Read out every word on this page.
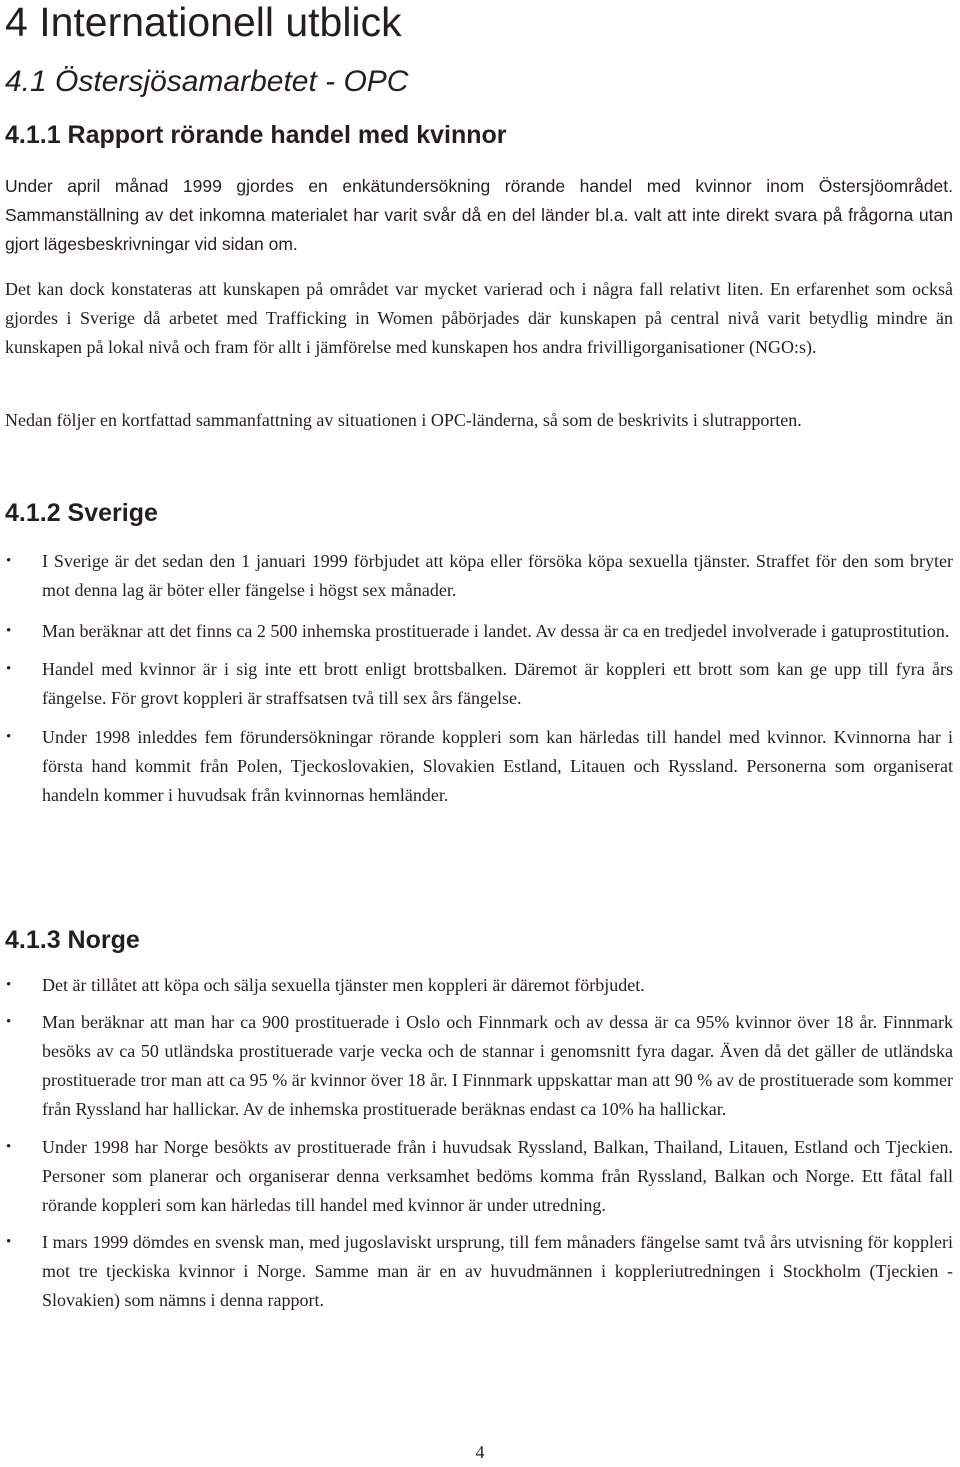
4 Internationell utblick
4.1 Östersjösamarbetet - OPC
4.1.1 Rapport rörande handel med kvinnor

Under april månad 1999 gjordes en enkätundersökning rörande handel med kvinnor inom Östersjöområdet. Sammanställning av det inkomna materialet har varit svår då en del länder bl.a. valt att inte direkt svara på frågorna utan gjort lägesbeskrivningar vid sidan om.

Det kan dock konstateras att kunskapen på området var mycket varierad och i några fall relativt liten. En erfarenhet som också gjordes i Sverige då arbetet med Trafficking in Women påbörjades där kunskapen på central nivå varit betydlig mindre än kunskapen på lokal nivå och fram för allt i jämförelse med kunskapen hos andra frivilligorganisationer (NGO:s).

Nedan följer en kortfattad sammanfattning av situationen i OPC-länderna, så som de beskrivits i slutrapporten.

4.1.2 Sverige
• I Sverige är det sedan den 1 januari 1999 förbjudet att köpa eller försöka köpa sexuella tjänster. Straffet för den som bryter mot denna lag är böter eller fängelse i högst sex månader.
• Man beräknar att det finns ca 2 500 inhemska prostituerade i landet. Av dessa är ca en tredjedel involverade i gatuprostitution.
• Handel med kvinnor är i sig inte ett brott enligt brottsbalken. Däremot är koppleri ett brott som kan ge upp till fyra års fängelse. För grovt koppleri är straffsatsen två till sex års fängelse.
• Under 1998 inleddes fem förundersökningar rörande koppleri som kan härledas till handel med kvinnor. Kvinnorna har i första hand kommit från Polen, Tjeckoslovakien, Slovakien Estland, Litauen och Ryssland. Personerna som organiserat handeln kommer i huvudsak från kvinnornas hemländer.
4.1.3 Norge
• Det är tillåtet att köpa och sälja sexuella tjänster men koppleri är däremot förbjudet.
• Man beräknar att man har ca 900 prostituerade i Oslo och Finnmark och av dessa är ca 95% kvinnor över 18 år. Finnmark besöks av ca 50 utländska prostituerade varje vecka och de stannar i genomsnitt fyra dagar. Även då det gäller de utländska prostituerade tror man att ca 95 % är kvinnor över 18 år. I Finnmark uppskattar man att 90 % av de prostituerade som kommer från Ryssland har hallickar. Av de inhemska prostituerade beräknas endast ca 10% ha hallickar.
• Under 1998 har Norge besökts av prostituerade från i huvudsak Ryssland, Balkan, Thailand, Litauen, Estland och Tjeckien. Personer som planerar och organiserar denna verksamhet bedöms komma från Ryssland, Balkan och Norge. Ett fåtal fall rörande koppleri som kan härledas till handel med kvinnor är under utredning.
• I mars 1999 dömdes en svensk man, med jugoslaviskt ursprung, till fem månaders fängelse samt två års utvisning för koppleri mot tre tjeckiska kvinnor i Norge. Samme man är en av huvudmännen i koppleriutredningen i Stockholm (Tjeckien - Slovakien) som nämns i denna rapport.
4
